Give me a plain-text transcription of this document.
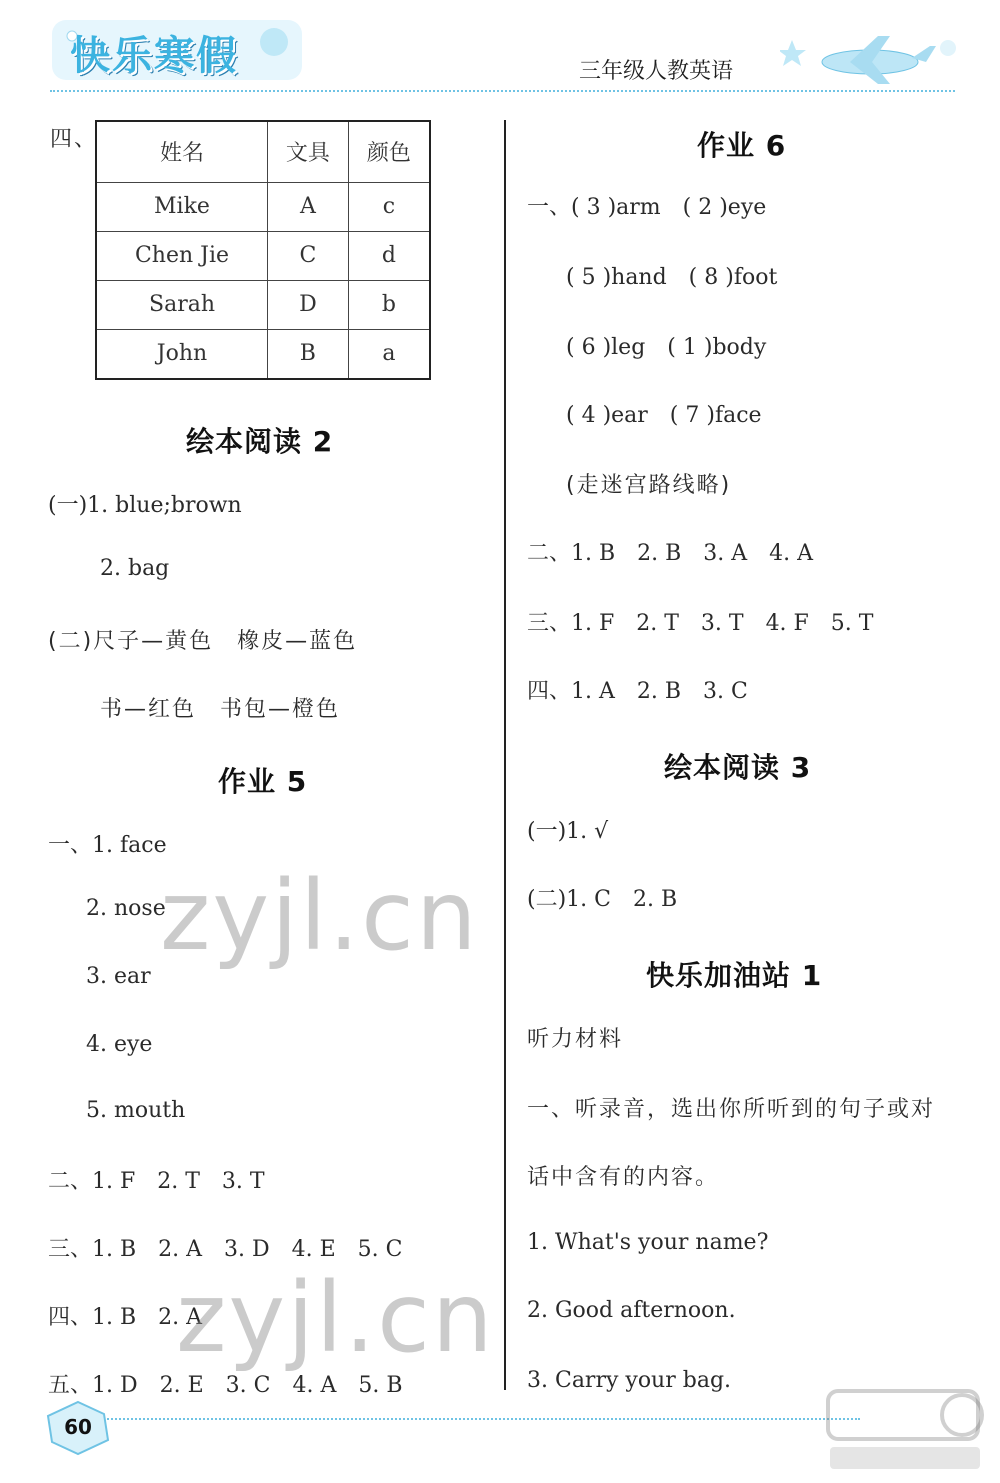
快乐寒假	三年级人教英语
四、
姓名	文具	颜色
Mike	A	c
Chen Jie	C	d
Sarah	D	b
John	B	a
绘本阅读 2
(一)1. blue;brown
2. bag
(二)尺子—黄色　橡皮—蓝色
书—红色　书包—橙色
作业 5
一、1. face
2. nose
3. ear
4. eye
5. mouth
二、1. F　2. T　3. T
三、1. B　2. A　3. D　4. E　5. C
四、1. B　2. A
五、1. D　2. E　3. C　4. A　5. B
作业 6
一、( 3 )arm　( 2 )eye
( 5 )hand　( 8 )foot
( 6 )leg　( 1 )body
( 4 )ear　( 7 )face
(走迷宫路线略)
二、1. B　2. B　3. A　4. A
三、1. F　2. T　3. T　4. F　5. T
四、1. A　2. B　3. C
绘本阅读 3
(一)1. √
(二)1. C　2. B
快乐加油站 1
听力材料
一、听录音，选出你所听到的句子或对
话中含有的内容。
1. What's your name?
2. Good afternoon.
3. Carry your bag.
zyjl.cn
zyjl.cn
60
